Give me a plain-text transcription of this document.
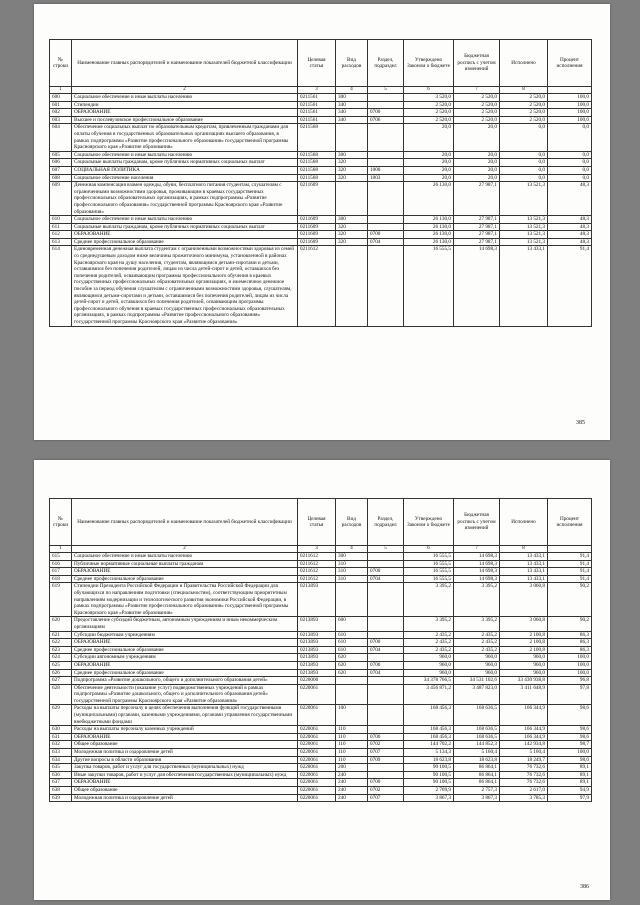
№ строки	Наименование главных распорядителей и наименование показателей бюджетной классификации	Целевая статья	Вид расходов	Раздел, подраздел	Утверждено Законом о бюджете	Бюджетная роспись с учетом изменений	Исполнено	Процент исполнения
1	2	3	4	5	6	7	8	
600	Социальное обеспечение и иные выплаты населению	0211561	300		3 520,0	2 520,0	2 520,0	100,0
601	Стипендии	0211561	340		2 520,0	2 520,0	2 520,0	100,0
602	ОБРАЗОВАНИЕ	0211561	340	0700	2 520,0	2 520,0	2 520,0	100,0
603	Высшее и послевузовское профессиональное образование	0211561	340	0706	2 520,0	2 520,0	2 520,0	100,0
604	Обеспечение социальных выплат по образовательным кредитам, привлеченным гражданами для оплаты обучения в государственных образовательных организациях высшего образования, в рамках подпрограммы «Развитие профессионального образования» государственной программы Красноярского края «Развитие образования»	0211568			20,0	20,0	0,0	0,0
605	Социальное обеспечение и иные выплаты населению	0211568	300		20,0	20,0	0,0	0,0
606	Социальные выплаты гражданам, кроме публичных нормативных социальных выплат	0211568	320		20,0	20,0	0,0	0,0
607	СОЦИАЛЬНАЯ ПОЛИТИКА	0211568	320	1000	20,0	20,0	0,0	0,0
608	Социальное обеспечение населения	0211568	320	1003	20,0	20,0	0,0	0,0
609	Денежная компенсация взамен одежды, обуви, бесплатного питания студентам, слушателям с ограниченными возможностями здоровья, проживающим в краевых государственных профессиональных образовательных организациях, в рамках подпрограммы «Развитие профессионального образования» государственной программы Красноярского края «Развитие образования»	0211609			26 130,0	27 987,1	13 521,3	48,3
610	Социальное обеспечение и иные выплаты населению	0211609	300		26 130,0	27 987,1	13 521,3	48,3
611	Социальные выплаты гражданам, кроме публичных нормативных социальных выплат	0211609	320		26 130,0	27 987,1	13 521,3	48,3
612	ОБРАЗОВАНИЕ	0211609	320	0700	26 130,0	27 987,1	13 521,3	48,3
613	Среднее профессиональное образование	0211609	320	0704	26 130,0	27 987,1	13 521,3	48,3
614	Единовременная денежная выплата студентам с ограниченными возможностями здоровья из семей со среднедушевым доходом ниже величины прожиточного минимума, установленной в районах Красноярского края на душу населения, студентам, являющимся детьми-сиротами и детьми, оставшимися без попечения родителей, лицам из числа детей-сирот и детей, оставшихся без попечения родителей, осваивающим программы профессионального обучения в краевых государственных профессиональных образовательных организациях, и ежемесячное денежное пособие за период обучения слушателям с ограниченными возможностями здоровья, слушателям, являющимся детьми-сиротами и детьми, оставшимися без попечения родителей, лицам из числа детей-сирот и детей, оставшихся без попечения родителей, осваивающим программы профессионального обучения в краевых государственных профессиональных образовательных организациях, в рамках подпрограммы «Развитие профессионального образования» государственной программы Красноярского края «Развитие образования»	0211612			16 555,5	14 698,3	13 433,1	91,4
385
№ строки	Наименование главных распорядителей и наименование показателей бюджетной классификации	Целевая статья	Вид расходов	Раздел, подраздел	Утверждено Законом о бюджете	Бюджетная роспись с учетом изменений	Исполнено	Процент исполнения
1	2	3	4	5	6	7	8	
615	Социальное обеспечение и иные выплаты населению	0211612	300		16 555,5	14 698,3	13 433,1	91,4
616	Публичные нормативные социальные выплаты гражданам	0211612	310		16 555,5	14 698,3	13 433,1	91,4
617	ОБРАЗОВАНИЕ	0211612	310	0700	16 555,5	14 698,3	13 433,1	91,4
618	Среднее профессиональное образование	0211612	310	0704	16 555,5	14 698,3	13 433,1	91,4
619	Стипендии Президента Российской Федерации и Правительства Российской Федерации для обучающихся по направлениям подготовки (специальностям), соответствующим приоритетным направлениям модернизации и технологического развития экономики Российской Федерации, в рамках подпрограммы «Развитие профессионального образования» государственной программы Красноярского края «Развитие образования»	0213893			3 395,2	3 395,2	3 060,8	90,2
620	Предоставление субсидий бюджетным, автономным учреждениям и иным некоммерческим организациям	0213893	600		3 395,2	3 395,2	3 060,8	90,2
621	Субсидии бюджетным учреждениям	0213893	610		2 435,2	2 435,2	2 100,8	86,3
622	ОБРАЗОВАНИЕ	0213893	610	0700	2 435,2	2 435,2	2 100,8	86,3
623	Среднее профессиональное образование	0213893	610	0704	2 435,2	2 435,2	2 100,8	86,3
624	Субсидии автономным учреждениям	0213893	620		960,0	960,0	960,0	100,0
625	ОБРАЗОВАНИЕ	0213893	620	0700	960,0	960,0	960,0	100,0
626	Среднее профессиональное образование	0213893	620	0704	960,0	960,0	960,0	100,0
627	Подпрограмма «Развитие дошкольного, общего и дополнительного образования детей»	0220000			34 378 766,5	34 531 102,6	33 430 938,8	96,8
628	Обеспечение деятельности (оказание услуг) подведомственных учреждений в рамках подпрограммы «Развитие дошкольного, общего и дополнительного образования детей» государственной программы Красноярского края «Развитие образования»	0220061			3 456 871,2	3 487 823,0	3 411 648,9	97,8
629	Расходы на выплаты персоналу в целях обеспечения выполнения функций государственными (муниципальными) органами, казенными учреждениями, органами управления государственными внебюджетными фондами	0220061	100		168 456,3	168 636,5	166 344,9	98,6
630	Расходы на выплаты персоналу казенных учреждений	0220061	110		168 456,3	168 636,5	166 344,9	98,6
631	ОБРАЗОВАНИЕ	0220061	110	0700	168 456,3	168 636,5	166 344,9	98,6
632	Общее образование	0220061	110	0702	144 702,2	144 852,3	142 934,8	98,7
633	Молодежная политика и оздоровление детей	0220061	110	0707	5 134,3	5 160,4	5 160,4	100,0
634	Другие вопросы в области образования	0220061	110	0709	18 623,8	18 623,8	18 249,7	98,0
635	Закупка товаров, работ и услуг для государственных (муниципальных) нужд	0220061	200		90 100,5	86 864,1	76 732,6	89,1
636	Иные закупки товаров, работ и услуг для обеспечения государственных (муниципальных) нужд	0220061	240		90 100,5	86 864,1	76 732,6	89,1
637	ОБРАЗОВАНИЕ	0220061	240	0700	90 100,5	86 864,1	76 732,6	89,1
638	Общее образование	0220061	240	0702	2 769,9	2 757,3	2 617,0	94,9
639	Молодежная политика и оздоровление детей	0220061	240	0707	3 867,3	3 867,3	3 785,3	97,9
386
